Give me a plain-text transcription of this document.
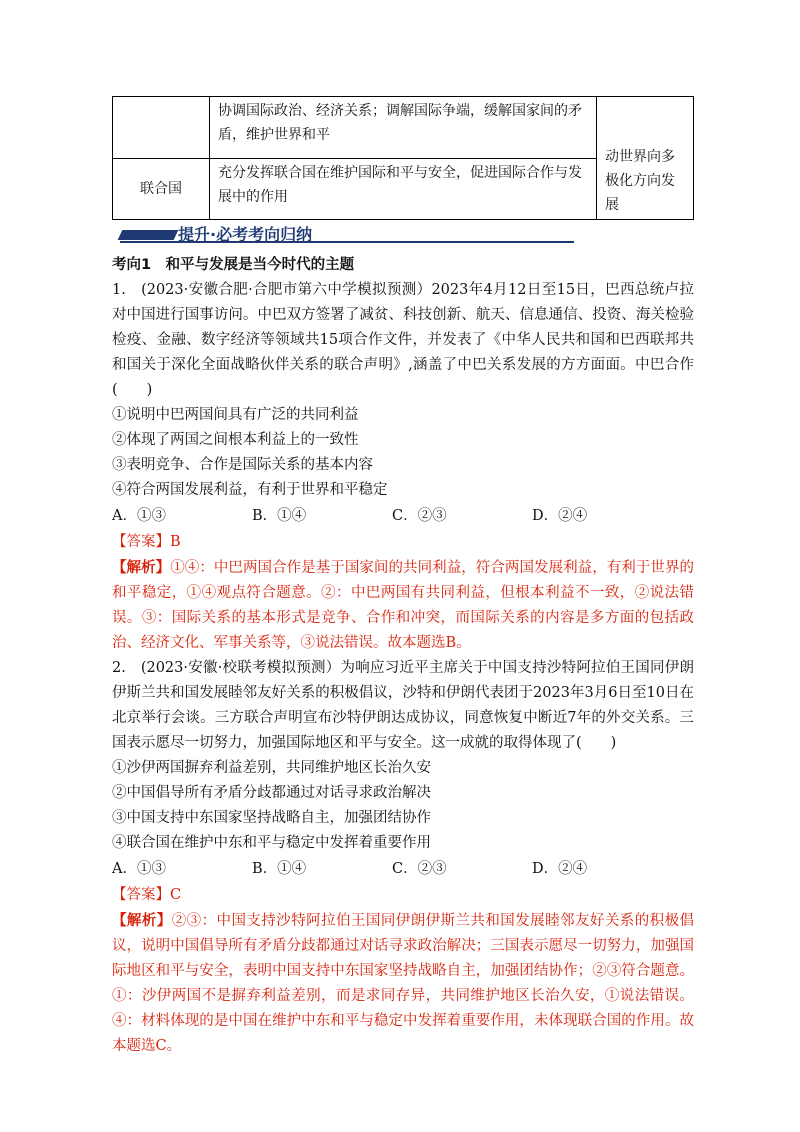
	协调国际政治、经济关系；调解国际争端，缓解国家间的矛盾，维护世界和平	动世界向多极化方向发展
联合国	充分发挥联合国在维护国际和平与安全，促进国际合作与发展中的作用	
提升·必考考向归纳
考向1　和平与发展是当今时代的主题
1.　(2023·安徽合肥·合肥市第六中学模拟预测）2023年4月12日至15日，巴西总统卢拉对中国进行国事访问。中巴双方签署了减贫、科技创新、航天、信息通信、投资、海关检验检疫、金融、数字经济等领域共15项合作文件，并发表了《中华人民共和国和巴西联邦共和国关于深化全面战略伙伴关系的联合声明》,涵盖了中巴关系发展的方方面面。中巴合作(　　)
①说明中巴两国间具有广泛的共同利益
②体现了两国之间根本利益上的一致性
③表明竞争、合作是国际关系的基本内容
④符合两国发展利益，有利于世界和平稳定
A．①③	B．①④	C．②③	D．②④
【答案】B
【解析】①④：中巴两国合作是基于国家间的共同利益，符合两国发展利益，有利于世界的和平稳定，①④观点符合题意。②：中巴两国有共同利益，但根本利益不一致，②说法错误。③：国际关系的基本形式是竞争、合作和冲突，而国际关系的内容是多方面的包括政治、经济文化、军事关系等，③说法错误。故本题选B。
2.　(2023·安徽·校联考模拟预测）为响应习近平主席关于中国支持沙特阿拉伯王国同伊朗伊斯兰共和国发展睦邻友好关系的积极倡议，沙特和伊朗代表团于2023年3月6日至10日在北京举行会谈。三方联合声明宣布沙特伊朗达成协议，同意恢复中断近7年的外交关系。三国表示愿尽一切努力，加强国际地区和平与安全。这一成就的取得体现了(　　)
①沙伊两国摒弃利益差别，共同维护地区长治久安
②中国倡导所有矛盾分歧都通过对话寻求政治解决
③中国支持中东国家坚持战略自主，加强团结协作
④联合国在维护中东和平与稳定中发挥着重要作用
A．①③	B．①④	C．②③	D．②④
【答案】C
【解析】②③：中国支持沙特阿拉伯王国同伊朗伊斯兰共和国发展睦邻友好关系的积极倡议，说明中国倡导所有矛盾分歧都通过对话寻求政治解决；三国表示愿尽一切努力，加强国际地区和平与安全，表明中国支持中东国家坚持战略自主，加强团结协作；②③符合题意。①：沙伊两国不是摒弃利益差别，而是求同存异，共同维护地区长治久安，①说法错误。④：材料体现的是中国在维护中东和平与稳定中发挥着重要作用，未体现联合国的作用。故本题选C。
